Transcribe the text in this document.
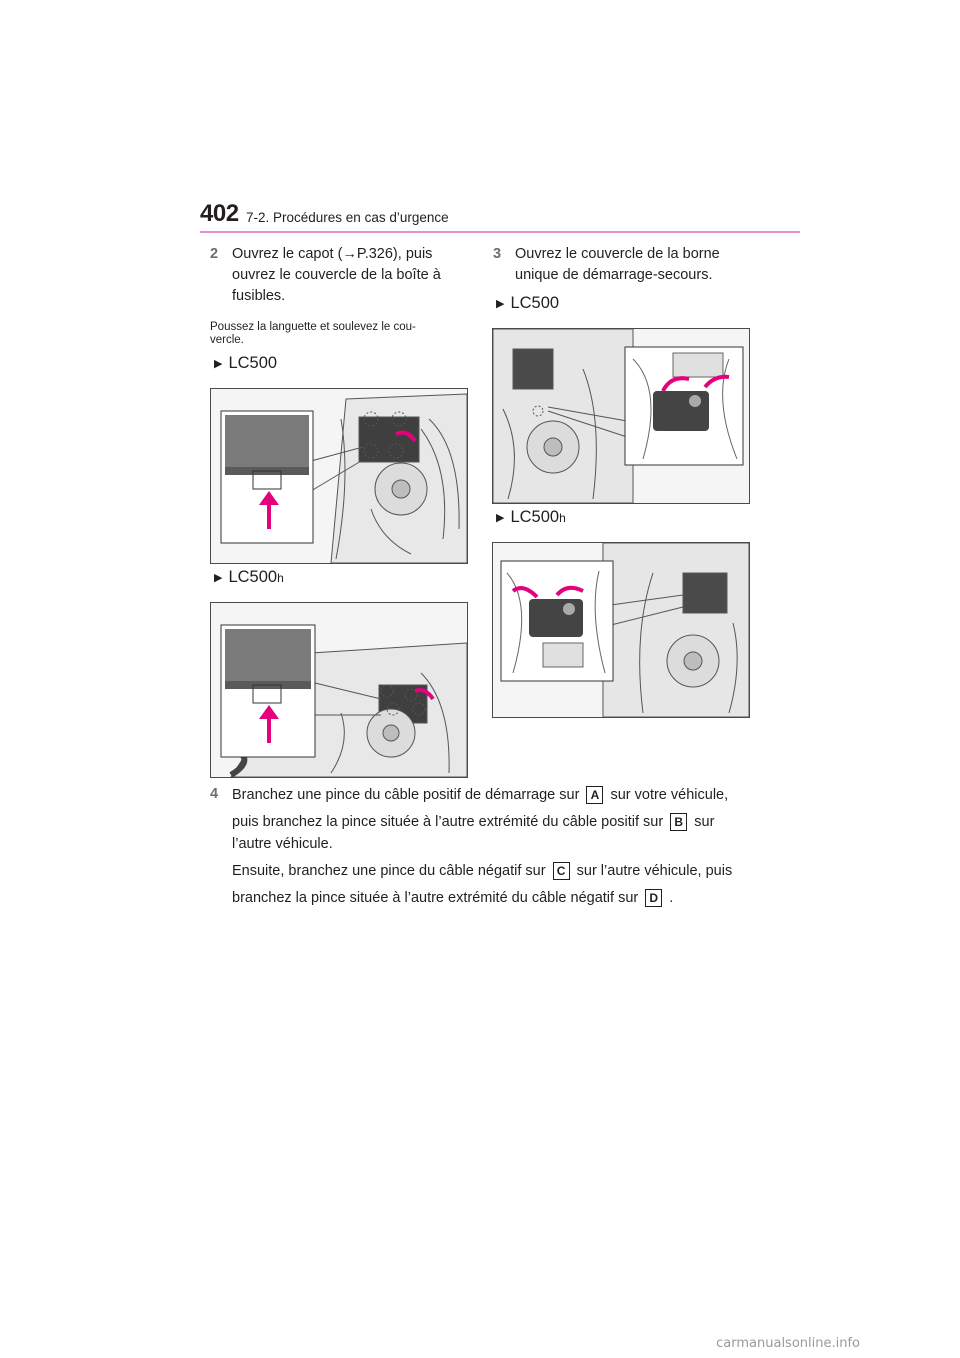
402 7-2. Procédures en cas d’urgence
2 Ouvrez le capot (→P.326), puis
ouvrez le couvercle de la boîte à
fusibles.
Poussez la languette et soulevez le cou-
vercle.
▶ LC500
▶ LC500h
3 Ouvrez le couvercle de la borne
unique de démarrage-secours.
▶ LC500
▶ LC500h
4 Branchez une pince du câble positif de démarrage sur A sur votre véhicule,
puis branchez la pince située à l’autre extrémité du câble positif sur B sur
l’autre véhicule.
Ensuite, branchez une pince du câble négatif sur C sur l’autre véhicule, puis
branchez la pince située à l’autre extrémité du câble négatif sur D .
carmanualsonline.info
